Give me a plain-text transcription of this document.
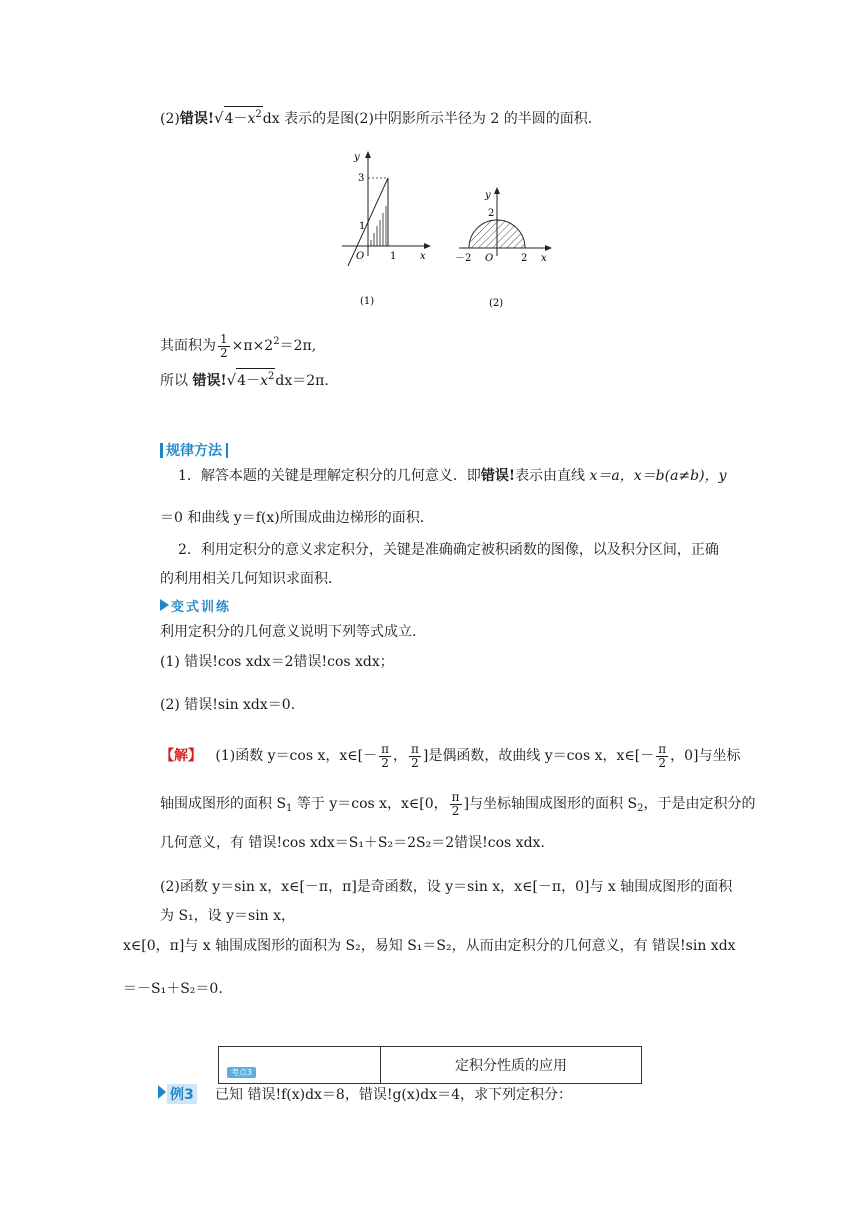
(2)错误$!√4-x^2dx$ 表示的是图(2)中阴影所示半径为 2 的半圆的面积.
y
3
1
O	1 x
(1)
y
2
－2 O	2 x
(2)
其面积为 $\frac{1}{2} \times\pi\times 2^2=2\pi$,
所以 错误$!√4-x^2dx=2\pi$.
规律方法
1．解答本题的关键是理解定积分的几何意义．即错误!表示由直线 x＝a，x＝b(a≠b)，y
＝0 和曲线 y＝f(x)所围成曲边梯形的面积．
2．利用定积分的意义求定积分，关键是准确确定被积函数的图像，以及积分区间，正确
的利用相关几何知识求面积．
变式训练
利用定积分的几何意义说明下列等式成立.
(1) 错误!cos xdx＝2错误!cos xdx；
(2) 错误!sin xdx＝0.
【解】 (1)函数 y＝cos x，x∈[－ $\frac{\pi}{2}$ ， $\frac{\pi}{2}$ ]是偶函数，故曲线 y＝cos x，x∈[－ $\frac{\pi}{2}$ ，0]与坐标
轴围成图形的面积 $S_1$ 等于 y＝cos x，x∈[0， $\frac{\pi}{2}$ ]与坐标轴围成图形的面积 $S_2$，于是由定积分的
几何意义，有 错误!cos xdx＝S₁＋S₂＝2S₂＝2错误!cos xdx.
(2)函数 y＝sin x，x∈[－π，π]是奇函数，设 y＝sin x，x∈[－π，0]与 x 轴围成图形的面积
为 S₁，设 y＝sin x，
x∈[0，π]与 x 轴围成图形的面积为 S₂，易知 S₁＝S₂，从而由定积分的几何意义，有 错误!sin xdx
＝－S₁＋S₂＝0.
考点3	定积分性质的应用
例3 已知 错误!f(x)dx＝8，错误!g(x)dx＝4，求下列定积分：
